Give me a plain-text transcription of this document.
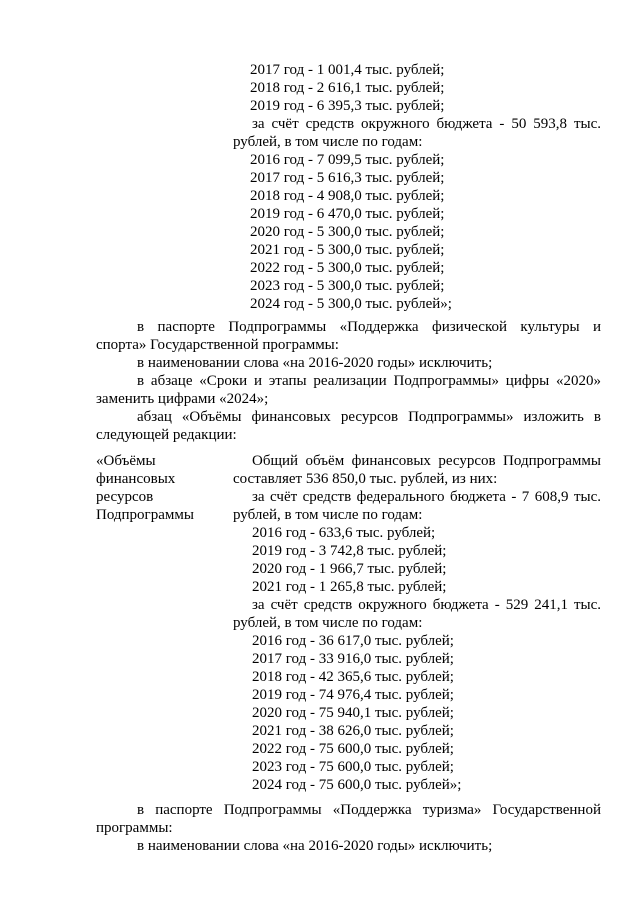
2017 год - 1 001,4 тыс. рублей;
2018 год - 2 616,1 тыс. рублей;
2019 год - 6 395,3 тыс. рублей;
за счёт средств окружного бюджета - 50 593,8 тыс.
рублей, в том числе по годам:
2016 год - 7 099,5 тыс. рублей;
2017 год - 5 616,3 тыс. рублей;
2018 год - 4 908,0 тыс. рублей;
2019 год - 6 470,0 тыс. рублей;
2020 год - 5 300,0 тыс. рублей;
2021 год - 5 300,0 тыс. рублей;
2022 год - 5 300,0 тыс. рублей;
2023 год - 5 300,0 тыс. рублей;
2024 год - 5 300,0 тыс. рублей»;
в паспорте Подпрограммы «Поддержка физической культуры и
спорта» Государственной программы:
в наименовании слова «на 2016-2020 годы» исключить;
в абзаце «Сроки и этапы реализации Подпрограммы» цифры «2020»
заменить цифрами «2024»;
абзац «Объёмы финансовых ресурсов Подпрограммы» изложить в
следующей редакции:
«Объёмы
финансовых
ресурсов
Подпрограммы
Общий объём финансовых ресурсов Подпрограммы
составляет 536 850,0 тыс. рублей, из них:
за счёт средств федерального бюджета - 7 608,9 тыс.
рублей, в том числе по годам:
2016 год - 633,6 тыс. рублей;
2019 год - 3 742,8 тыс. рублей;
2020 год - 1 966,7 тыс. рублей;
2021 год - 1 265,8 тыс. рублей;
за счёт средств окружного бюджета - 529 241,1 тыс.
рублей, в том числе по годам:
2016 год - 36 617,0 тыс. рублей;
2017 год - 33 916,0 тыс. рублей;
2018 год - 42 365,6 тыс. рублей;
2019 год - 74 976,4 тыс. рублей;
2020 год - 75 940,1 тыс. рублей;
2021 год - 38 626,0 тыс. рублей;
2022 год - 75 600,0 тыс. рублей;
2023 год - 75 600,0 тыс. рублей;
2024 год - 75 600,0 тыс. рублей»;
в паспорте Подпрограммы «Поддержка туризма» Государственной
программы:
в наименовании слова «на 2016-2020 годы» исключить;
